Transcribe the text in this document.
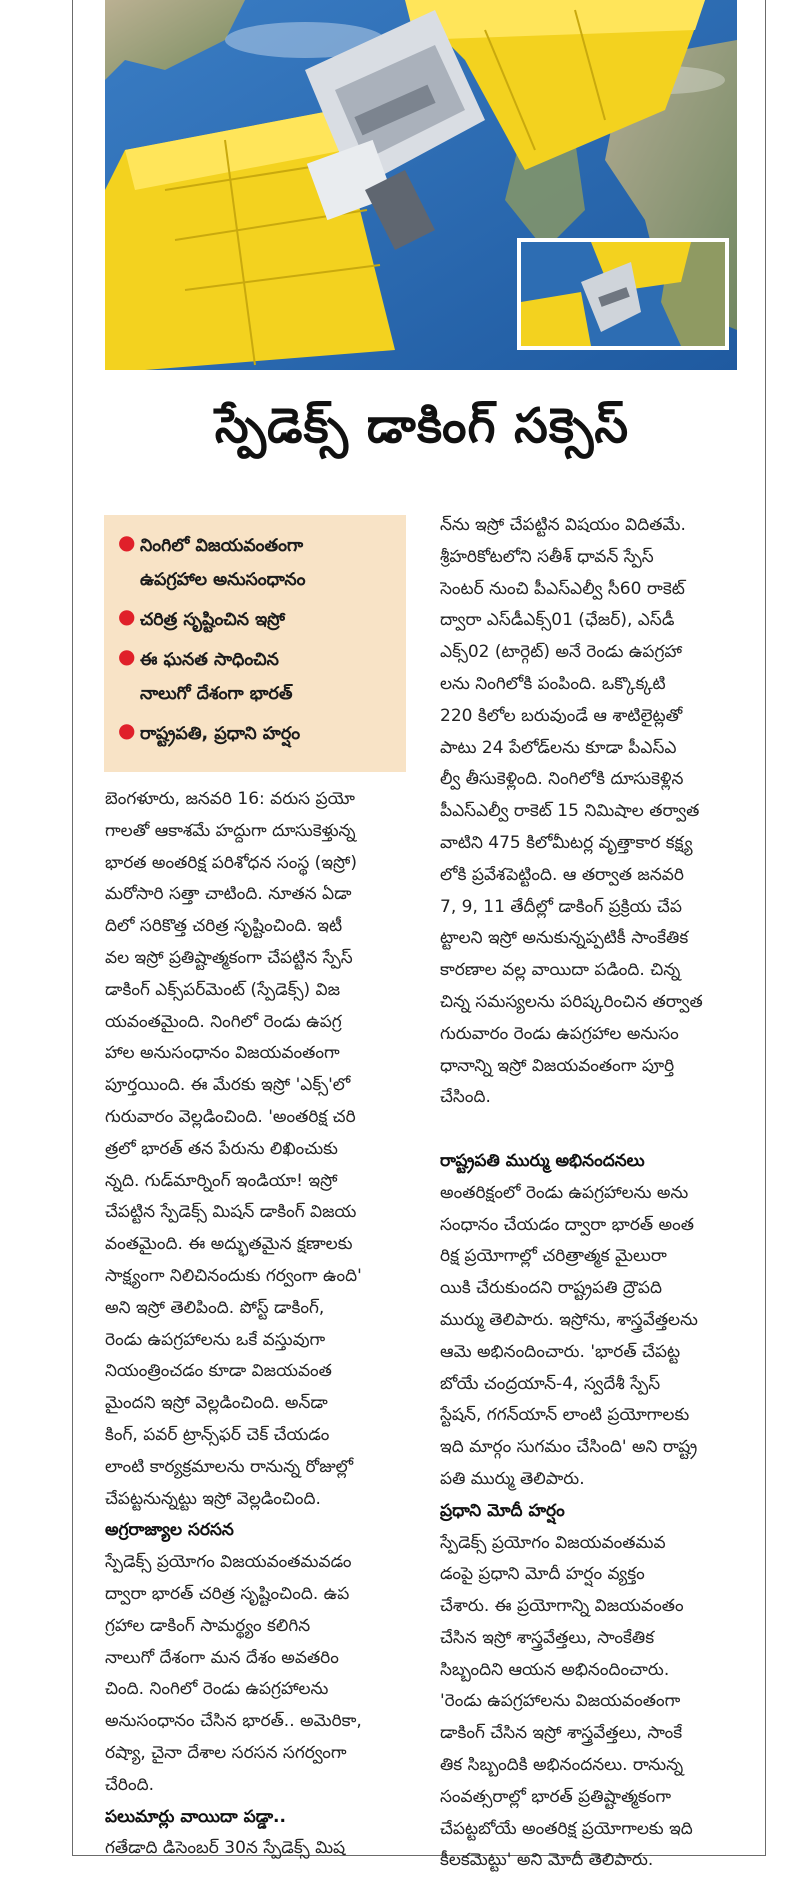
స్పేడెక్స్ డాకింగ్ సక్సెస్
● నింగిలో విజయవంతంగా
ఉపగ్రహాల అనుసంధానం
● చరిత్ర సృష్టించిన ఇస్రో
● ఈ ఘనత సాధించిన
నాలుగో దేశంగా భారత్
● రాష్ట్రపతి, ప్రధాని హర్షం
బెంగళూరు, జనవరి 16: వరుస ప్రయో
గాలతో ఆకాశమే హద్దుగా దూసుకెళ్తున్న
భారత అంతరిక్ష పరిశోధన సంస్థ (ఇస్రో)
మరోసారి సత్తా చాటింది. నూతన ఏడా
దిలో సరికొత్త చరిత్ర సృష్టించింది. ఇటీ
వల ఇస్రో ప్రతిష్టాత్మకంగా చేపట్టిన స్పేస్
డాకింగ్ ఎక్స్‌పర్‌మెంట్ (స్పేడెక్స్) విజ
యవంతమైంది. నింగిలో రెండు ఉపగ్ర
హాల అనుసంధానం విజయవంతంగా
పూర్తయింది. ఈ మేరకు ఇస్రో 'ఎక్స్'లో
గురువారం వెల్లడించింది. 'అంతరిక్ష చరి
త్రలో భారత్ తన పేరును లిఖించుకు
న్నది. గుడ్‌మార్నింగ్ ఇండియా! ఇస్రో
చేపట్టిన స్పేడెక్స్ మిషన్ డాకింగ్ విజయ
వంతమైంది. ఈ అద్భుతమైన క్షణాలకు
సాక్ష్యంగా నిలిచినందుకు గర్వంగా ఉంది'
అని ఇస్రో తెలిపింది. పోస్ట్ డాకింగ్,
రెండు ఉపగ్రహాలను ఒకే వస్తువుగా
నియంత్రించడం కూడా విజయవంత
మైందని ఇస్రో వెల్లడించింది. అన్‌డా
కింగ్, పవర్ ట్రాన్స్‌ఫర్ చెక్ చేయడం
లాంటి కార్యక్రమాలను రానున్న రోజుల్లో
చేపట్టనున్నట్టు ఇస్రో వెల్లడించింది.
అగ్రరాజ్యాల సరసన
స్పేడెక్స్ ప్రయోగం విజయవంతమవడం
ద్వారా భారత్ చరిత్ర సృష్టించింది. ఉప
గ్రహాల డాకింగ్ సామర్థ్యం కలిగిన
నాలుగో దేశంగా మన దేశం అవతరిం
చింది. నింగిలో రెండు ఉపగ్రహాలను
అనుసంధానం చేసిన భారత్.. అమెరికా,
రష్యా, చైనా దేశాల సరసన సగర్వంగా
చేరింది.
పలుమార్లు వాయిదా పడ్డా..
గతేడాది డిసెంబర్ 30న స్పేడెక్స్ మిష
న్‌ను ఇస్రో చేపట్టిన విషయం విదితమే.
శ్రీహరికోటలోని సతీశ్ ధావన్ స్పేస్
సెంటర్ నుంచి పీఎస్ఎల్వీ సీ60 రాకెట్
ద్వారా ఎస్‌డీఎక్స్01 (ఛేజర్), ఎస్‌డీ
ఎక్స్02 (టార్గెట్) అనే రెండు ఉపగ్రహా
లను నింగిలోకి పంపింది. ఒక్కొక్కటి
220 కిలోల బరువుండే ఆ శాటిలైట్లతో
పాటు 24 పేలోడ్‌లను కూడా పీఎస్ఎ
ల్వీ తీసుకెళ్లింది. నింగిలోకి దూసుకెళ్లిన
పీఎస్ఎల్వీ రాకెట్ 15 నిమిషాల తర్వాత
వాటిని 475 కిలోమీటర్ల వృత్తాకార కక్ష్య
లోకి ప్రవేశపెట్టింది. ఆ తర్వాత జనవరి
7, 9, 11 తేదీల్లో డాకింగ్ ప్రక్రియ చేప
ట్టాలని ఇస్రో అనుకున్నప్పటికీ సాంకేతిక
కారణాల వల్ల వాయిదా పడింది. చిన్న
చిన్న సమస్యలను పరిష్కరించిన తర్వాత
గురువారం రెండు ఉపగ్రహాల అనుసం
ధానాన్ని ఇస్రో విజయవంతంగా పూర్తి
చేసింది.

రాష్ట్రపతి ముర్ము అభినందనలు
అంతరిక్షంలో రెండు ఉపగ్రహాలను అను
సంధానం చేయడం ద్వారా భారత్ అంత
రిక్ష ప్రయోగాల్లో చరిత్రాత్మక మైలురా
యికి చేరుకుందని రాష్ట్రపతి ద్రౌపది
ముర్ము తెలిపారు. ఇస్రోను, శాస్త్రవేత్తలను
ఆమె అభినందించారు. 'భారత్ చేపట్ట
బోయే చంద్రయాన్-4, స్వదేశీ స్పేస్
స్టేషన్, గగన్‌యాన్ లాంటి ప్రయోగాలకు
ఇది మార్గం సుగమం చేసింది' అని రాష్ట్ర
పతి ముర్ము తెలిపారు.
ప్రధాని మోదీ హర్షం
స్పేడెక్స్ ప్రయోగం విజయవంతమవ
డంపై ప్రధాని మోదీ హర్షం వ్యక్తం
చేశారు. ఈ ప్రయోగాన్ని విజయవంతం
చేసిన ఇస్రో శాస్త్రవేత్తలు, సాంకేతిక
సిబ్బందిని ఆయన అభినందించారు.
'రెండు ఉపగ్రహాలను విజయవంతంగా
డాకింగ్ చేసిన ఇస్రో శాస్త్రవేత్తలు, సాంకే
తిక సిబ్బందికి అభినందనలు. రానున్న
సంవత్సరాల్లో భారత్ ప్రతిష్టాత్మకంగా
చేపట్టబోయే అంతరిక్ష ప్రయోగాలకు ఇది
కీలకమెట్టు' అని మోదీ తెలిపారు.
